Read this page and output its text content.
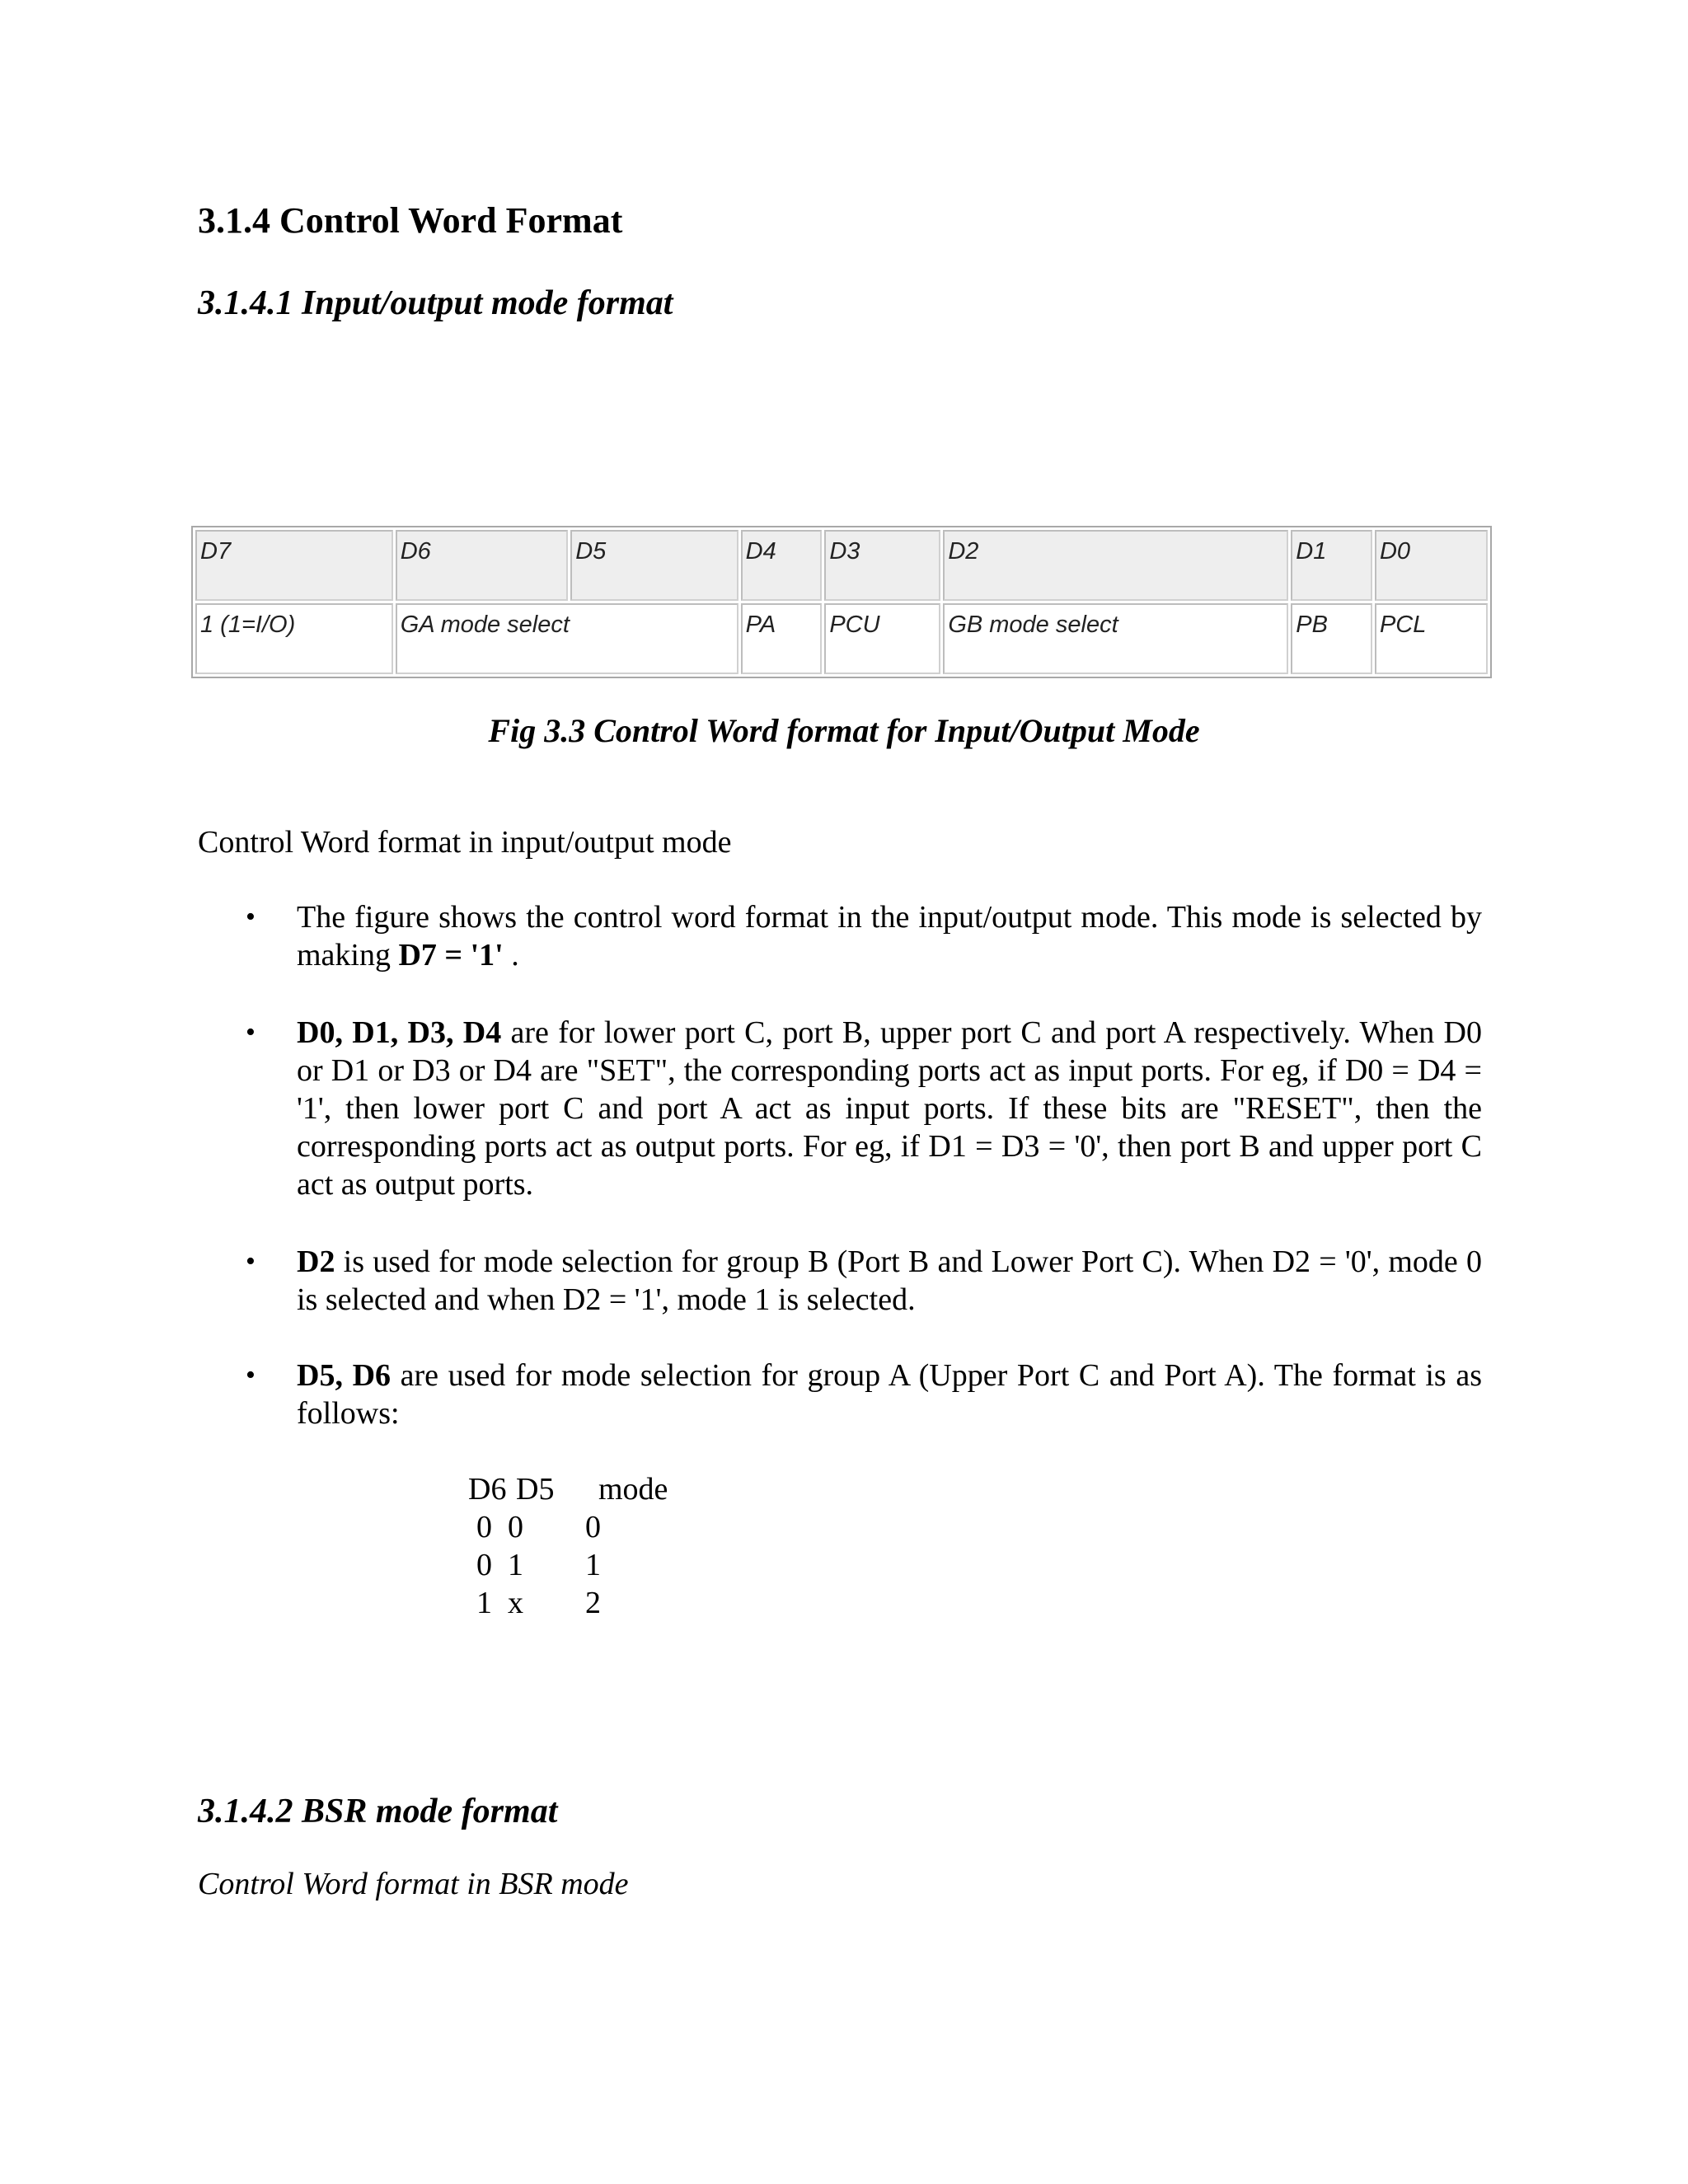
3.1.4 Control Word Format
3.1.4.1 Input/output mode format
D7	D6	D5	D4	D3	D2	D1	D0
1 (1=I/O)	GA mode select		PA	PCU	GB mode select	PB	PCL
Fig 3.3 Control Word format for Input/Output Mode
Control Word format in input/output mode
• The figure shows the control word format in the input/output mode. This mode is selected by making D7 = '1' .
• D0, D1, D3, D4 are for lower port C, port B, upper port C and port A respectively. When D0 or D1 or D3 or D4 are "SET", the corresponding ports act as input ports. For eg, if D0 = D4 = '1', then lower port C and port A act as input ports. If these bits are "RESET", then the corresponding ports act as output ports. For eg, if D1 = D3 = '0', then port B and upper port C act as output ports.
• D2 is used for mode selection for group B (Port B and Lower Port C). When D2 = '0', mode 0 is selected and when D2 = '1', mode 1 is selected.
• D5, D6 are used for mode selection for group A (Upper Port C and Port A). The format is as follows:
D6 D5 mode
0 0 0
0 1 1
1 x 2
3.1.4.2 BSR mode format
Control Word format in BSR mode
